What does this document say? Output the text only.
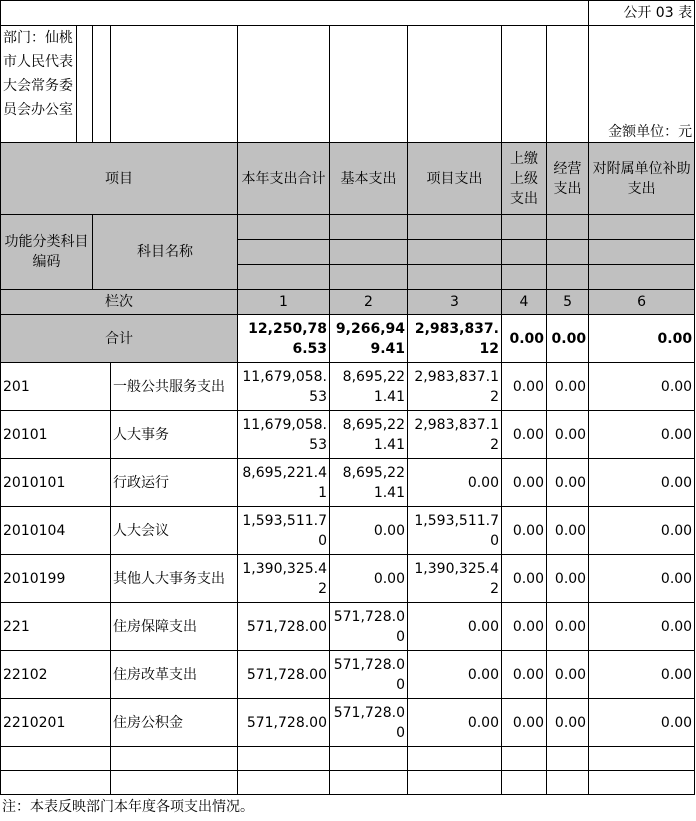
									公开 03 表
部门：仙桃市人民代表大会常务委员会办公室									金额单位：元
项目				本年支出合计	基本支出	项目支出	上缴上级支出	经营支出	对附属单位补助支出
功能分类科目编码		科目名称							

栏次				1	2	3	4	5	6
合计				12,250,786.53	9,266,949.41	2,983,837.12	0.00	0.00	0.00
201			一般公共服务支出	11,679,058.53	8,695,221.41	2,983,837.12	0.00	0.00	0.00
20101			人大事务	11,679,058.53	8,695,221.41	2,983,837.12	0.00	0.00	0.00
2010101			行政运行	8,695,221.41	8,695,221.41	0.00	0.00	0.00	0.00
2010104			人大会议	1,593,511.70	0.00	1,593,511.70	0.00	0.00	0.00
2010199			其他人大事务支出	1,390,325.42	0.00	1,390,325.42	0.00	0.00	0.00
221			住房保障支出	571,728.00	571,728.00	0.00	0.00	0.00	0.00
22102			住房改革支出	571,728.00	571,728.00	0.00	0.00	0.00	0.00
2210201			住房公积金	571,728.00	571,728.00	0.00	0.00	0.00	0.00

注：本表反映部门本年度各项支出情况。
